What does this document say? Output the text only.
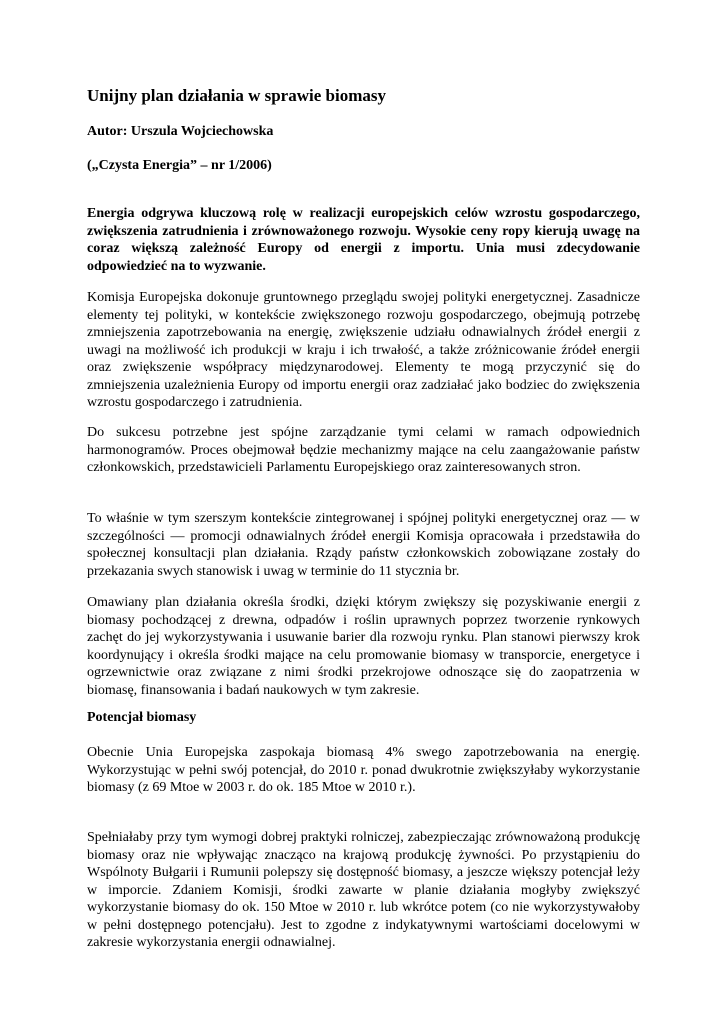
Unijny plan działania w sprawie biomasy

Autor: Urszula Wojciechowska

(„Czysta Energia” – nr 1/2006)

Energia odgrywa kluczową rolę w realizacji europejskich celów wzrostu gospodarczego, zwiększenia zatrudnienia i zrównoważonego rozwoju. Wysokie ceny ropy kierują uwagę na coraz większą zależność Europy od energii z importu. Unia musi zdecydowanie odpowiedzieć na to wyzwanie.

Komisja Europejska dokonuje gruntownego przeglądu swojej polityki energetycznej. Zasadnicze elementy tej polityki, w kontekście zwiększonego rozwoju gospodarczego, obejmują potrzebę zmniejszenia zapotrzebowania na energię, zwiększenie udziału odnawialnych źródeł energii z uwagi na możliwość ich produkcji w kraju i ich trwałość, a także zróżnicowanie źródeł energii oraz zwiększenie współpracy międzynarodowej. Elementy te mogą przyczynić się do zmniejszenia uzależnienia Europy od importu energii oraz zadziałać jako bodziec do zwiększenia wzrostu gospodarczego i zatrudnienia.

Do sukcesu potrzebne jest spójne zarządzanie tymi celami w ramach odpowiednich harmonogramów. Proces obejmował będzie mechanizmy mające na celu zaangażowanie państw członkowskich, przedstawicieli Parlamentu Europejskiego oraz zainteresowanych stron.

To właśnie w tym szerszym kontekście zintegrowanej i spójnej polityki energetycznej oraz — w szczególności — promocji odnawialnych źródeł energii Komisja opracowała i przedstawiła do społecznej konsultacji plan działania. Rządy państw członkowskich zobowiązane zostały do przekazania swych stanowisk i uwag w terminie do 11 stycznia br.

Omawiany plan działania określa środki, dzięki którym zwiększy się pozyskiwanie energii z biomasy pochodzącej z drewna, odpadów i roślin uprawnych poprzez tworzenie rynkowych zachęt do jej wykorzystywania i usuwanie barier dla rozwoju rynku. Plan stanowi pierwszy krok koordynujący i określa środki mające na celu promowanie biomasy w transporcie, energetyce i ogrzewnictwie oraz związane z nimi środki przekrojowe odnoszące się do zaopatrzenia w biomasę, finansowania i badań naukowych w tym zakresie.

Potencjał biomasy

Obecnie Unia Europejska zaspokaja biomasą 4% swego zapotrzebowania na energię. Wykorzystując w pełni swój potencjał, do 2010 r. ponad dwukrotnie zwiększyłaby wykorzystanie biomasy (z 69 Mtoe w 2003 r. do ok. 185 Mtoe w 2010 r.).

Spełniałaby przy tym wymogi dobrej praktyki rolniczej, zabezpieczając zrównoważoną produkcję biomasy oraz nie wpływając znacząco na krajową produkcję żywności. Po przystąpieniu do Wspólnoty Bułgarii i Rumunii polepszy się dostępność biomasy, a jeszcze większy potencjał leży w imporcie. Zdaniem Komisji, środki zawarte w planie działania mogłyby zwiększyć wykorzystanie biomasy do ok. 150 Mtoe w 2010 r. lub wkrótce potem (co nie wykorzystywałoby w pełni dostępnego potencjału). Jest to zgodne z indykatywnymi wartościami docelowymi w zakresie wykorzystania energii odnawialnej.
